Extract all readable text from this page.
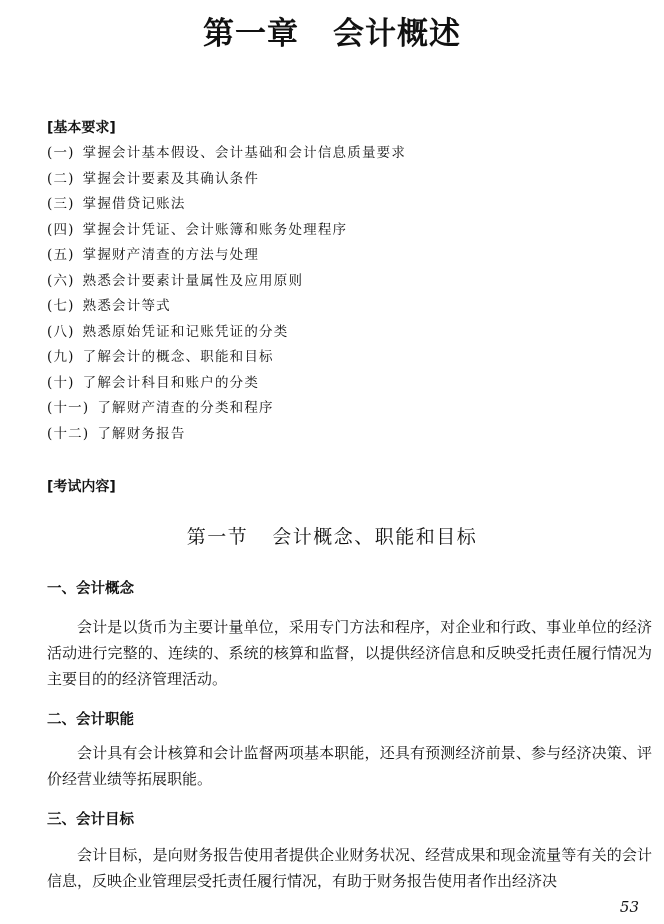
第一章 会计概述
[基本要求]
(一) 掌握会计基本假设、会计基础和会计信息质量要求
(二) 掌握会计要素及其确认条件
(三) 掌握借贷记账法
(四) 掌握会计凭证、会计账簿和账务处理程序
(五) 掌握财产清查的方法与处理
(六) 熟悉会计要素计量属性及应用原则
(七) 熟悉会计等式
(八) 熟悉原始凭证和记账凭证的分类
(九) 了解会计的概念、职能和目标
(十) 了解会计科目和账户的分类
(十一) 了解财产清查的分类和程序
(十二) 了解财务报告
[考试内容]
第一节 会计概念、职能和目标
一、会计概念

会计是以货币为主要计量单位，采用专门方法和程序，对企业和行政、事业单位的经济活动进行完整的、连续的、系统的核算和监督，以提供经济信息和反映受托责任履行情况为主要目的的经济管理活动。

二、会计职能

会计具有会计核算和会计监督两项基本职能，还具有预测经济前景、参与经济决策、评价经营业绩等拓展职能。

三、会计目标

会计目标，是向财务报告使用者提供企业财务状况、经营成果和现金流量等有关的会计信息，反映企业管理层受托责任履行情况，有助于财务报告使用者作出经济决

53
